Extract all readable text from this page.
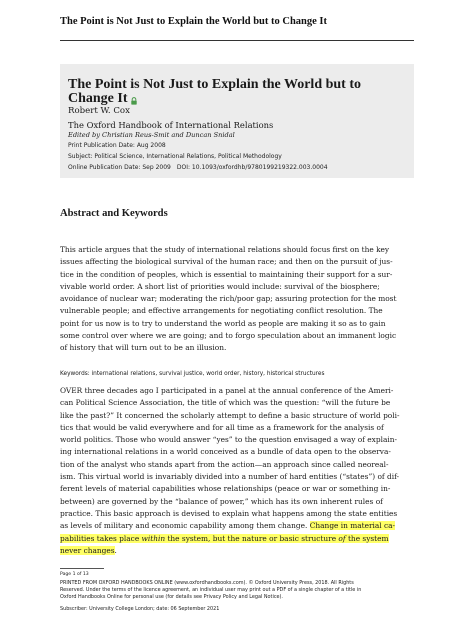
The Point is Not Just to Explain the World but to Change It
The Point is Not Just to Explain the World but to
Change It
Robert W. Cox
The Oxford Handbook of International Relations
Edited by Christian Reus-Smit and Duncan Snidal
Print Publication Date: Aug 2008
Subject: Political Science, International Relations, Political Methodology
Online Publication Date: Sep 2009 DOI: 10.1093/oxfordhb/9780199219322.003.0004
Abstract and Keywords
This article argues that the study of international relations should focus first on the key
issues affecting the biological survival of the human race; and then on the pursuit of jus-
tice in the condition of peoples, which is essential to maintaining their support for a sur-
vivable world order. A short list of priorities would include: survival of the biosphere;
avoidance of nuclear war; moderating the rich/poor gap; assuring protection for the most
vulnerable people; and effective arrangements for negotiating conflict resolution. The
point for us now is to try to understand the world as people are making it so as to gain
some control over where we are going; and to forgo speculation about an immanent logic
of history that will turn out to be an illusion.
Keywords: international relations, survival justice, world order, history, historical structures
OVER three decades ago I participated in a panel at the annual conference of the Ameri-
can Political Science Association, the title of which was the question: “will the future be
like the past?” It concerned the scholarly attempt to define a basic structure of world poli-
tics that would be valid everywhere and for all time as a framework for the analysis of
world politics. Those who would answer “yes” to the question envisaged a way of explain-
ing international relations in a world conceived as a bundle of data open to the observa-
tion of the analyst who stands apart from the action—an approach since called neoreal-
ism. This virtual world is invariably divided into a number of hard entities (“states”) of dif-
ferent levels of material capabilities whose relationships (peace or war or something in-
between) are governed by the “balance of power,” which has its own inherent rules of
practice. This basic approach is devised to explain what happens among the state entities
as levels of military and economic capability among them change. Change in material ca-
pabilities takes place within the system, but the nature or basic structure of the system
never changes.
Page 1 of 13
PRINTED FROM OXFORD HANDBOOKS ONLINE (www.oxfordhandbooks.com). © Oxford University Press, 2018. All Rights
Reserved. Under the terms of the licence agreement, an individual user may print out a PDF of a single chapter of a title in
Oxford Handbooks Online for personal use (for details see Privacy Policy and Legal Notice).
Subscriber: University College London; date: 06 September 2021
